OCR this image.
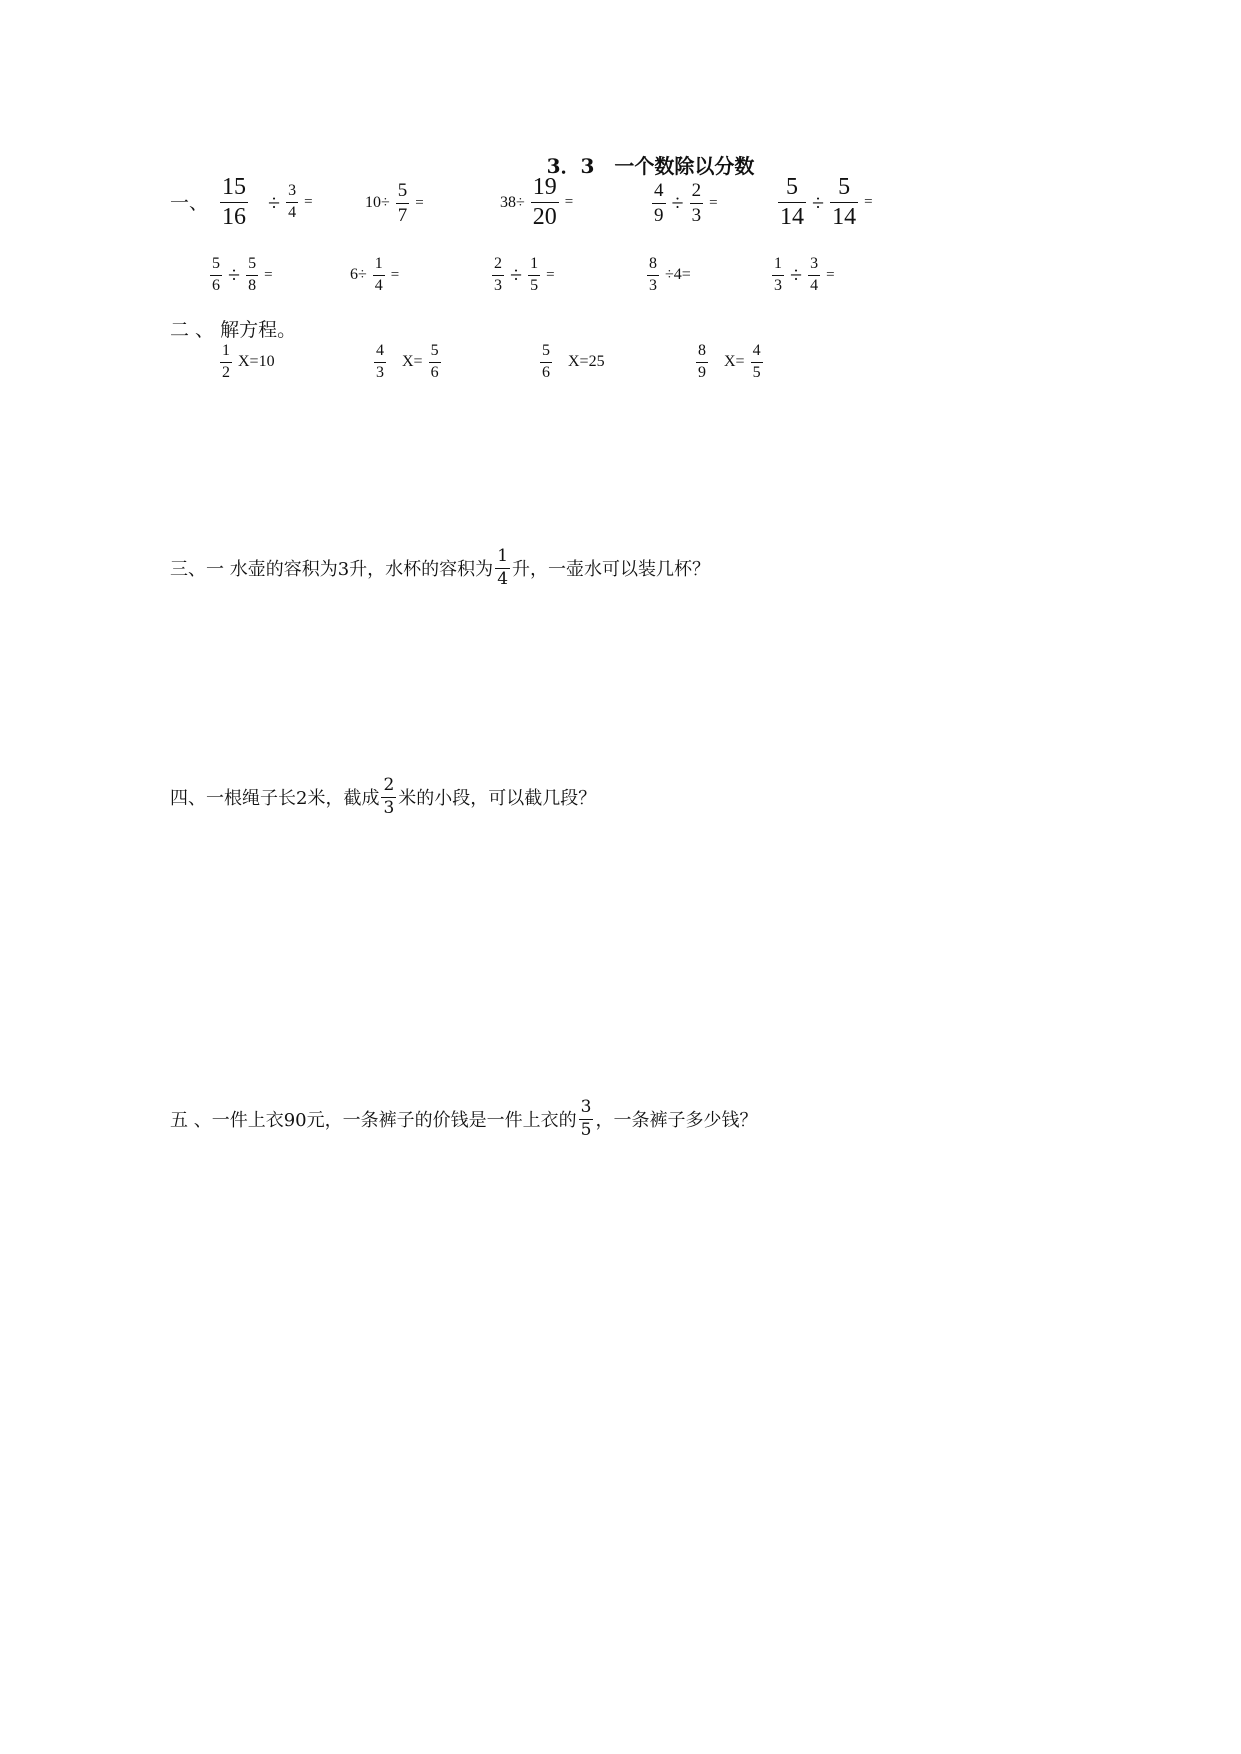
3．3　一个数除以分数
一、 $\frac{15}{16} \div \frac{3}{4}$ =	$10\div \frac{5}{7}$ =	$38\div \frac{19}{20}$ =	$\frac{4}{9} \div \frac{2}{3}$ =	$\frac{5}{14} \div \frac{5}{14}$ =
$\frac{5}{6} \div \frac{5}{8}$ =	$6\div \frac{1}{4}$ =	$\frac{2}{3} \div \frac{1}{5}$ =	$\frac{8}{3} \div 4=$	$\frac{1}{3} \div \frac{3}{4}$ =
二 、 解方程。
$\frac{1}{2} X=10$	$\frac{4}{3} X= \frac{5}{6}$	$\frac{5}{6} X=25$	$\frac{8}{9} X= \frac{4}{5}$
三、一 水壶的容积为3升，水杯的容积为 $\frac{1}{4}$ 升，一壶水可以装几杯？
四、一根绳子长2米，截成 $\frac{2}{3}$ 米的小段，可以截几段？
五 、一件上衣90元，一条裤子的价钱是一件上衣的 $\frac{3}{5}$ ，一条裤子多少钱？
